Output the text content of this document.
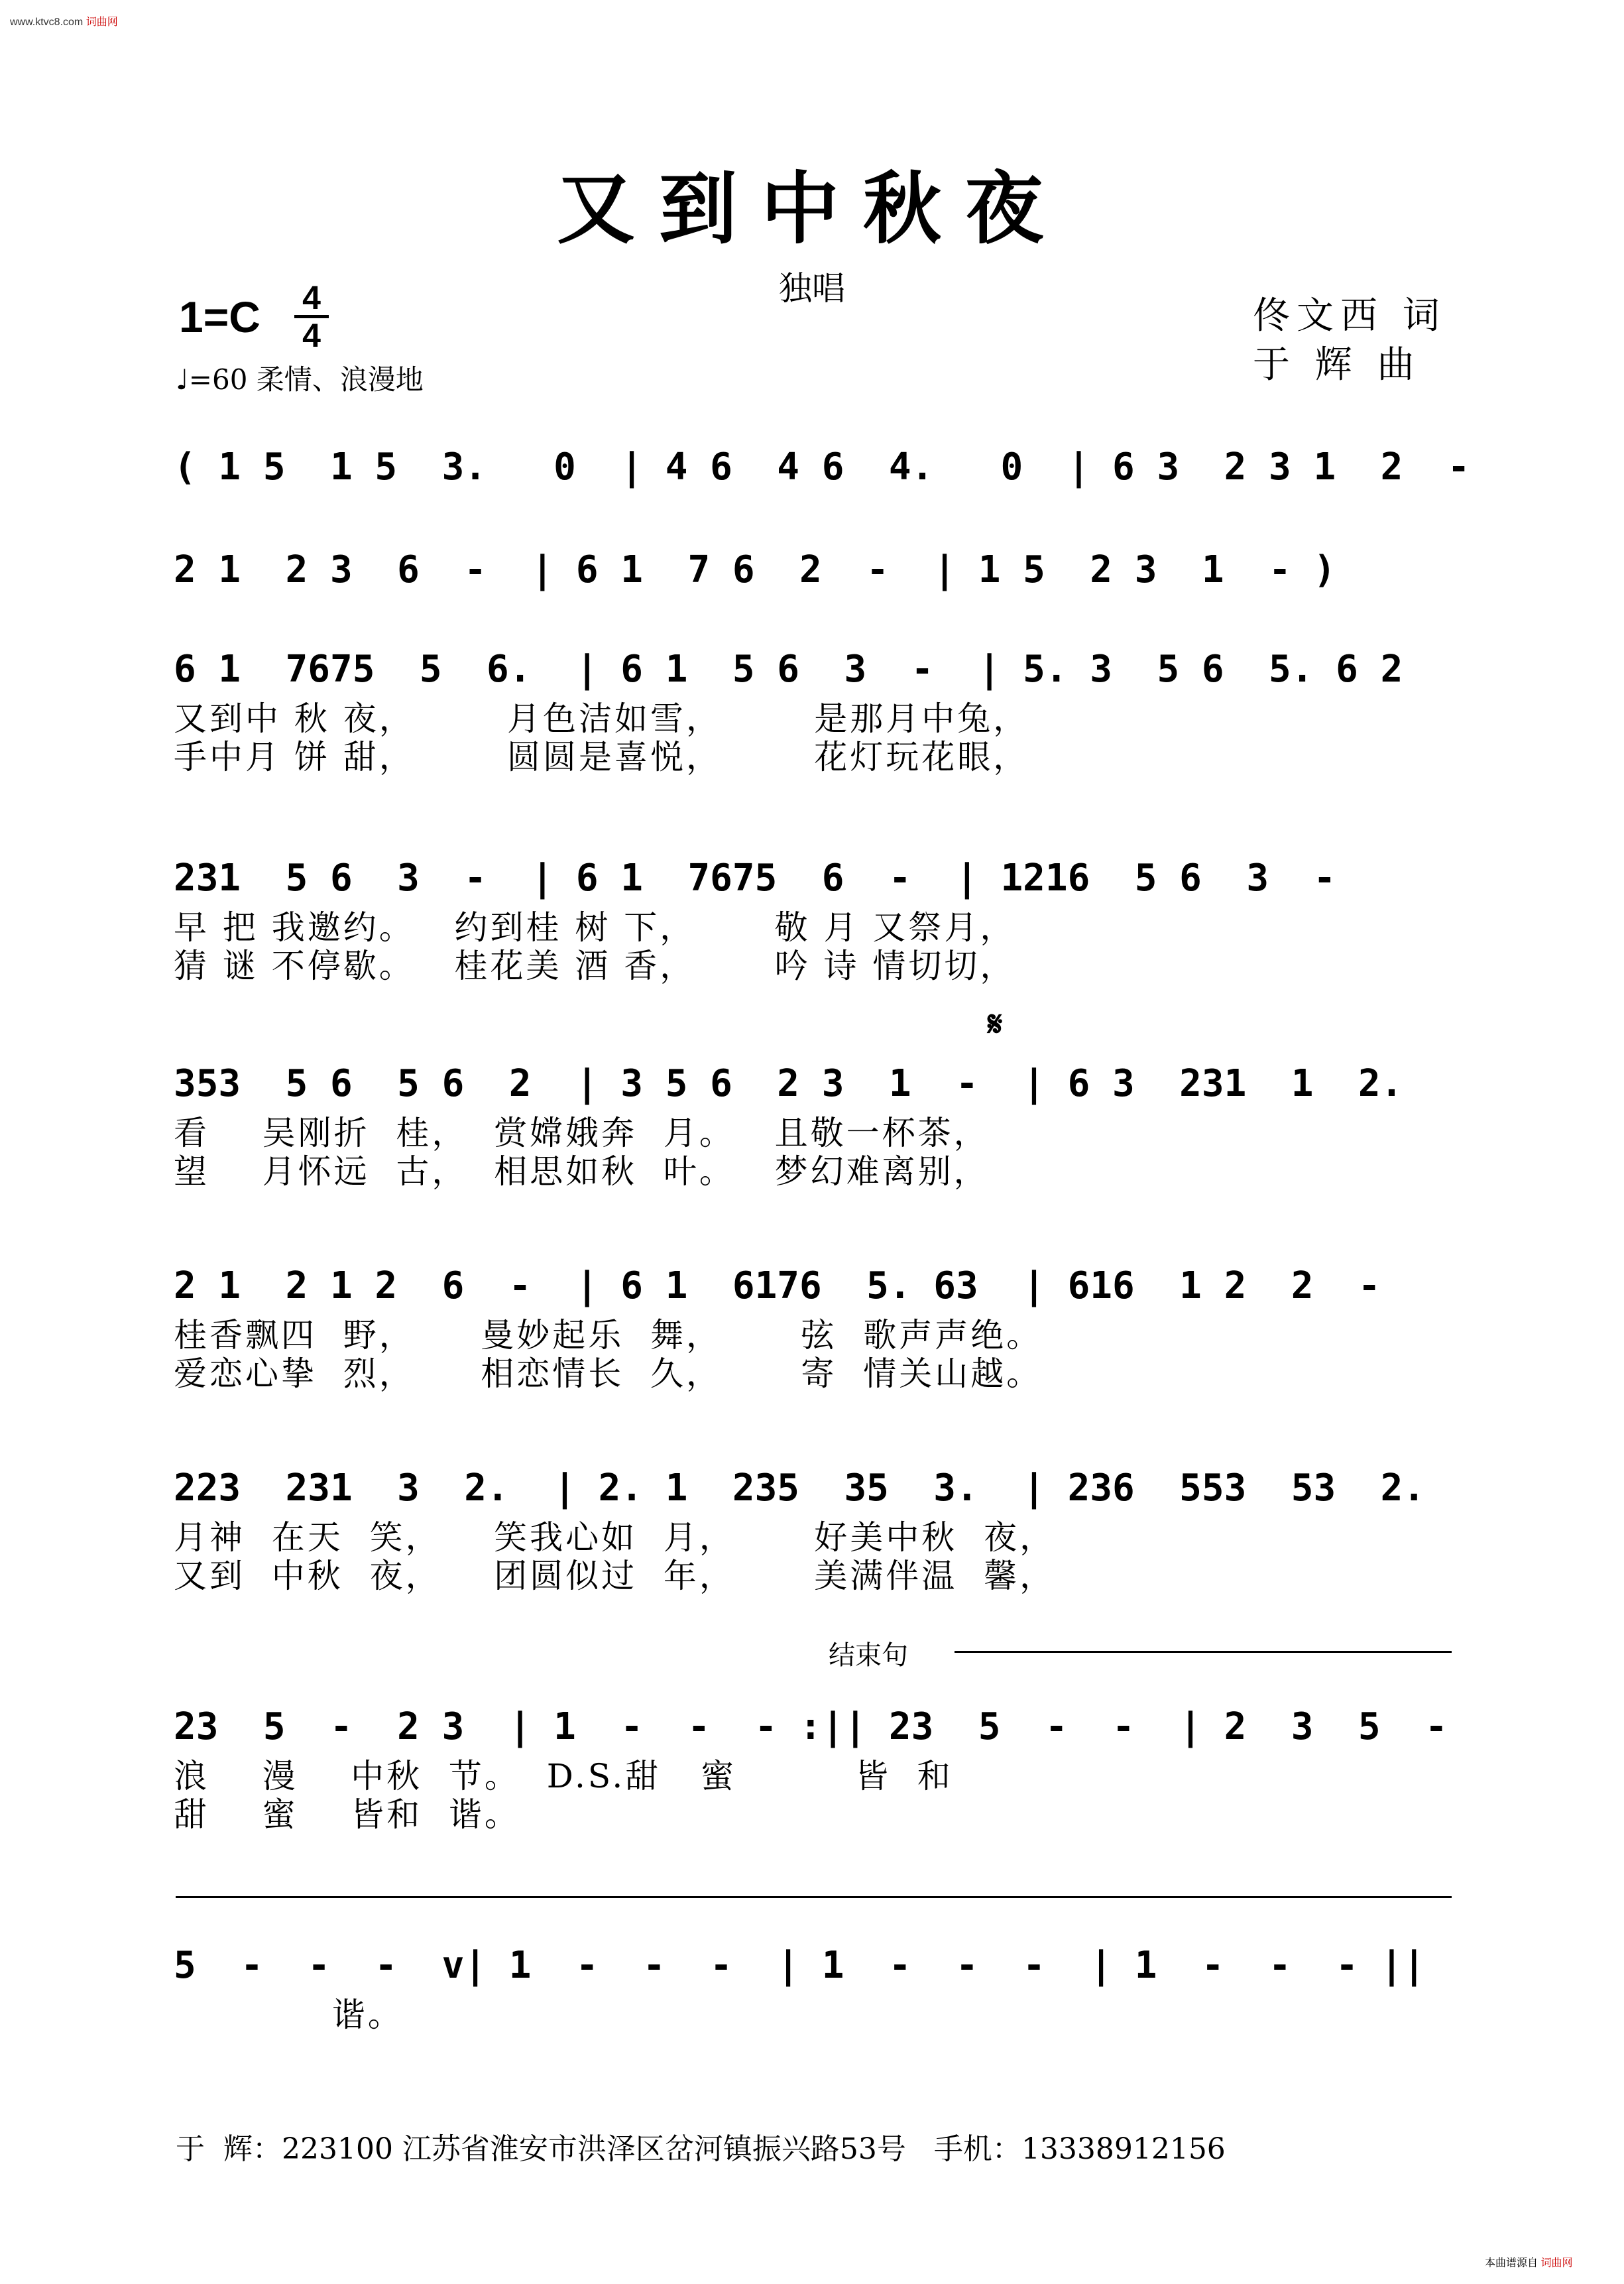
www.ktvc8.com 词曲网
又到中秋夜
独唱
1=C	4
4
♩=60 柔情、浪漫地
佟文西 词
于 辉 曲
( 1 5  1 5  3.   0  | 4 6  4 6  4.   0  | 6 3  2 3 1  2  -
2 1  2 3  6  -  | 6 1  7 6  2  -  | 1 5  2 3  1  - )
6 1  7675  5  6.  | 6 1  5 6  3  -  | 5. 3  5 6  5. 6 2
又到中 秋 夜，       月色洁如雪，       是那月中兔，
手中月 饼 甜，       圆圆是喜悦，       花灯玩花眼，
231  5 6  3  -  | 6 1  7675  6  -  | 1216  5 6  3  -
早 把 我邀约。   约到桂 树 下，      敬 月 又祭月，
猜 谜 不停歇。   桂花美 酒 香，      吟 诗 情切切，
𝄋
353  5 6  5 6  2  | 3 5 6  2 3  1  -  | 6 3  231  1  2.
看    吴刚折  桂，  赏嫦娥奔  月。   且敬一杯茶，
望    月怀远  古，  相思如秋  叶。   梦幻难离别，
2 1  2 1 2  6  -  | 6 1  6176  5. 63  | 616  1 2  2  -
桂香飘四  野，     曼妙起乐  舞，      弦  歌声声绝。
爱恋心挚  烈，     相恋情长  久，      寄  情关山越。
223  231  3  2.  | 2. 1  235  35  3.  | 236  553  53  2.
月神  在天  笑，    笑我心如  月，      好美中秋  夜，
又到  中秋  夜，    团圆似过  年，      美满伴温  馨，
结束句
23  5  -  2 3  | 1  -  -  - :|| 23  5  -  -  | 2  3  5  -
浪    漫    中秋  节。  D.S.甜   蜜         皆  和
甜    蜜    皆和  谐。
5  -  -  -  v| 1  -  -  -  | 1  -  -  -  | 1  -  -  - ||
谐。
于  辉：223100 江苏省淮安市洪泽区岔河镇振兴路53号   手机：13338912156
本曲谱源自 词曲网
